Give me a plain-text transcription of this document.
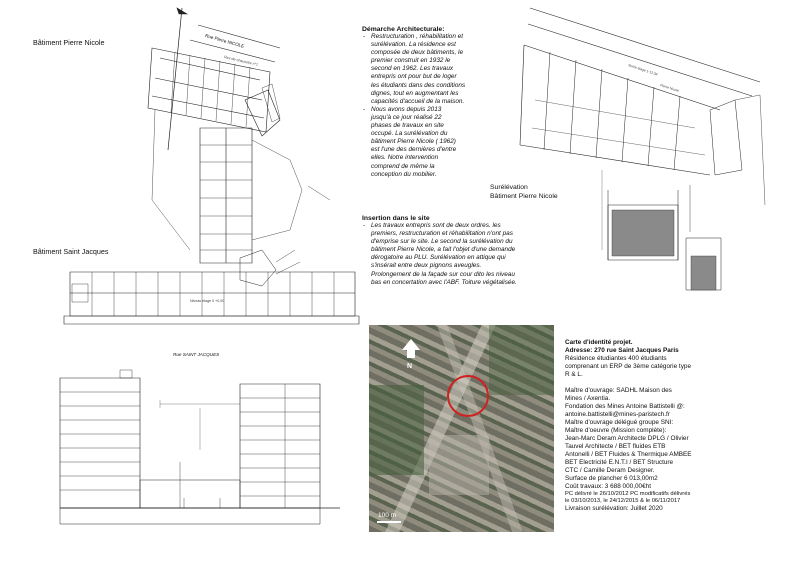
Rez-de-chaussée n°1
Niveau étage 0 +0,00
Bâtiment Pierre Nicole
Bâtiment Saint Jacques
Rue Pierre NICOLE
Rue SAINT JACQUES
Démarche Architecturale:
- Restructuration , réhabilitation et surélévation. La résidence est composée de deux bâtiments, le premier construit en 1932 le second en 1962. Les travaux entrepris ont pour but de loger les étudiants dans des conditions dignes, tout en augmentant les capacités d'accueil de la maison.
- Nous avons depuis 2013 jusqu'à ce jour réalisé 22 phases de travaux en site occupé. La surélévation du bâtiment Pierre Nicole ( 1962) est l'une des dernières d'entre elles. Notre intervention comprend de même la conception du mobilier.
Insertion dans le site
- Les travaux entrepris sont de deux ordres. les premiers, restructuration et réhabilitation n'ont pas d'emprise sur le site. Le second la surélévation du bâtiment Pierre Nicole, a fait l'objet d'une demande dérogatoire au PLU. Surélévation en attique qui s'insérait entre deux pignons aveugles. Prolongement de la façade sur cour dito les niveau bas en concertation avec l'ABF. Toiture végétalisée.
Sortie étage 1-12,34
Pierre Nicole
Surélévation
Bâtiment Pierre Nicole
N
100 m
Carte d'identité projet.
Adresse: 270 rue Saint Jacques Paris
Résidence étudiantes 400 étudiants
comprenant un ERP de 3ème catégorie type
R & L.
Maître d'ouvrage: SADHL Maison des
Mines / Axentia.
Fondation des Mines Antoine Battistelli @:
antoine.battistelli@mines-paristech.fr
Maître d'ouvrage délégué groupe SNI:
Maître d'oeuvre (Mission complète):
Jean-Marc Deram Architecte DPLG / Olivier
Tauvel Architecte / BET fluides ETB
Antonelli / BET Fluides & Thermique AMBEE
BET Electricité E.N.T.I / BET Structure
CTC / Camille Deram Designer.
Surface de plancher 6 013,00m2
Coût travaux: 3 688 000,00€ht
PC délivré le 26/10/2012 PC modificatifs délivrés
le 03/10/2013, le 24/12/2015 & le 06/11/2017
Livraison surélévation: Juillet 2020
